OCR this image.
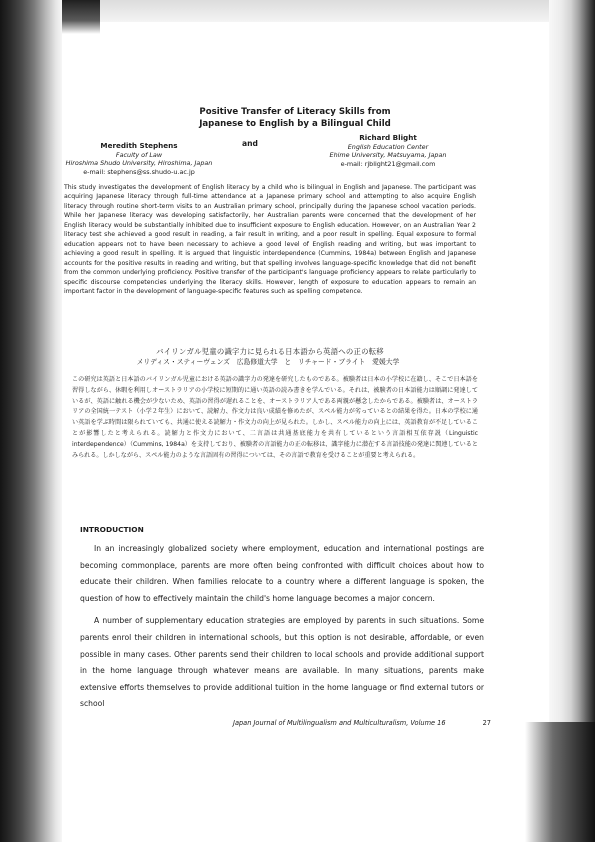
Positive Transfer of Literacy Skills from
Japanese to English by a Bilingual Child
Meredith Stephens
Faculty of Law
Hiroshima Shudo University, Hiroshima, Japan
e-mail: stephens@ss.shudo-u.ac.jp
and
Richard Blight
English Education Center
Ehime University, Matsuyama, Japan
e-mail: rjblight21@gmail.com
This study investigates the development of English literacy by a child who is bilingual in English and Japanese. The participant was acquiring Japanese literacy through full-time attendance at a Japanese primary school and attempting to also acquire English literacy through routine short-term visits to an Australian primary school, principally during the Japanese school vacation periods. While her Japanese literacy was developing satisfactorily, her Australian parents were concerned that the development of her English literacy would be substantially inhibited due to insufficient exposure to English education. However, on an Australian Year 2 literacy test she achieved a good result in reading, a fair result in writing, and a poor result in spelling. Equal exposure to formal education appears not to have been necessary to achieve a good level of English reading and writing, but was important to achieving a good result in spelling. It is argued that linguistic interdependence (Cummins, 1984a) between English and Japanese accounts for the positive results in reading and writing, but that spelling involves language-specific knowledge that did not benefit from the common underlying proficiency. Positive transfer of the participant's language proficiency appears to relate particularly to specific discourse competencies underlying the literacy skills. However, length of exposure to education appears to remain an important factor in the development of language-specific features such as spelling competence.
バイリンガル児童の識字力に見られる日本語から英語への正の転移
メリディス・スティーヴェンズ　広島修道大学　と　リチャード・ブライト　愛媛大学
この研究は英語と日本語のバイリンガル児童における英語の識字力の発達を研究したものである。被験者は日本の小学校に在籍し、そこで日本語を習得しながら、休暇を利用しオーストラリアの小学校に短期的に通い英語の読み書きを学んでいる。それは、被験者の日本語能力は順調に発達しているが、英語に触れる機会が少ないため、英語の習得が遅れることを、オーストラリア人である両親が懸念したからである。被験者は、オーストラリアの全国統一テスト（小学２年生）において、読解力、作文力は良い成績を修めたが、スペル能力が劣っているとの結果を得た。日本の学校に通い英語を学ぶ時間は限られていても、共通に使える読解力・作文力の向上が見られた。しかし、スペル能力の向上には、英語教育が不足していることが影響したと考えられる。読解力と作文力において、二言語は共通基底能力を共有しているという言語相互依存説（Linguistic interdependence）（Cummins, 1984a）を支持しており、被験者の言語能力の正の転移は、識字能力に潜在する言語技能の発達に関連しているとみられる。しかしながら、スペル能力のような言語固有の習得については、その言語で教育を受けることが重要と考えられる。
INTRODUCTION

In an increasingly globalized society where employment, education and international postings are becoming commonplace, parents are more often being confronted with difficult choices about how to educate their children. When families relocate to a country where a different language is spoken, the question of how to effectively maintain the child's home language becomes a major concern.

A number of supplementary education strategies are employed by parents in such situations. Some parents enrol their children in international schools, but this option is not desirable, affordable, or even possible in many cases. Other parents send their children to local schools and provide additional support in the home language through whatever means are available. In many situations, parents make extensive efforts themselves to provide additional tuition in the home language or find external tutors or school

Japan Journal of Multilingualism and Multiculturalism, Volume 16	27
